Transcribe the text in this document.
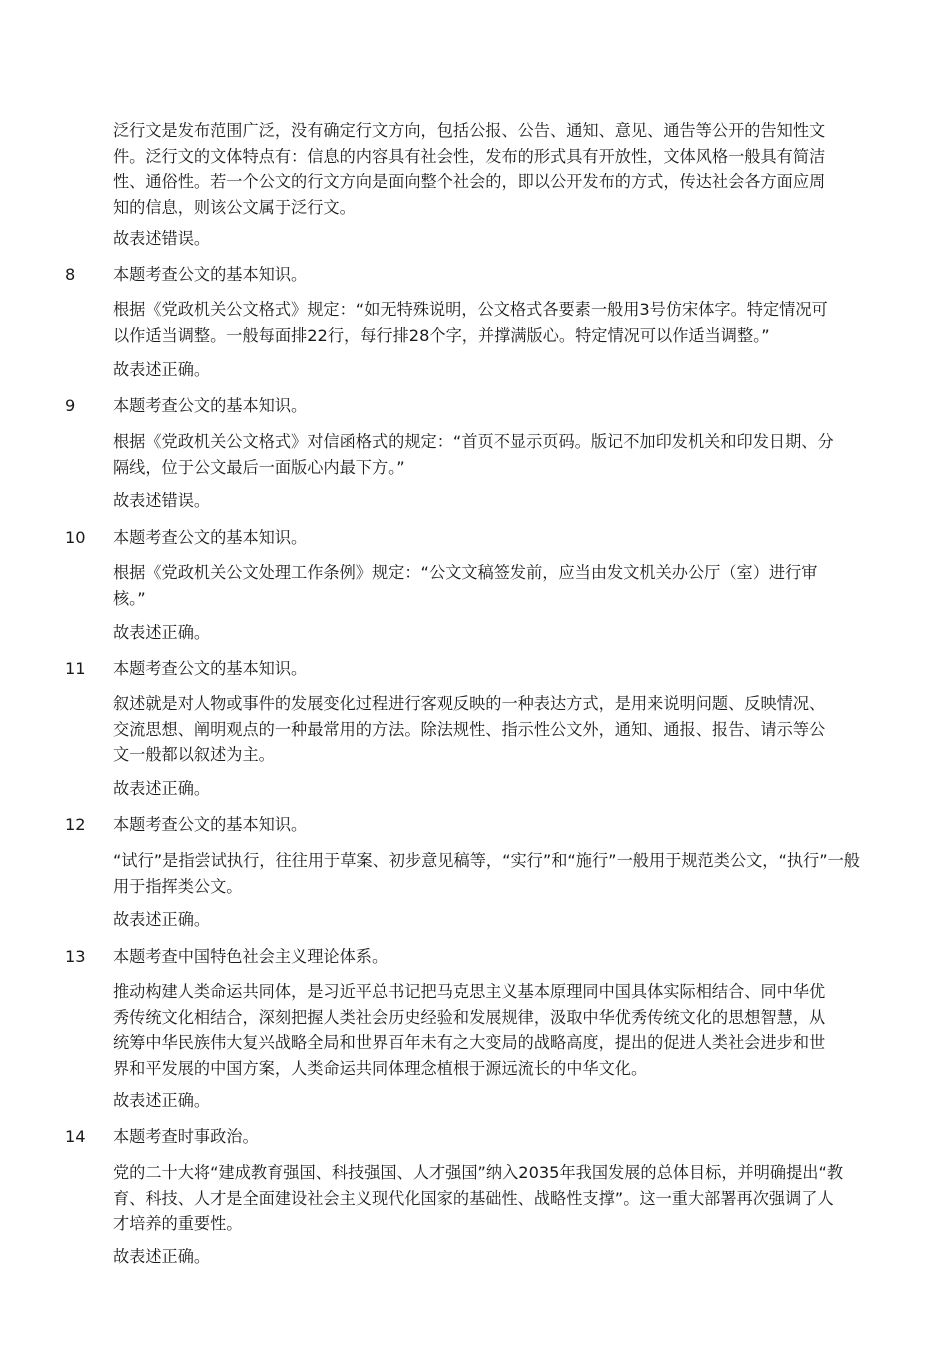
泛行文是发布范围广泛，没有确定行文方向，包括公报、公告、通知、意见、通告等公开的告知性文
件。泛行文的文体特点有：信息的内容具有社会性，发布的形式具有开放性，文体风格一般具有简洁
性、通俗性。若一个公文的行文方向是面向整个社会的，即以公开发布的方式，传达社会各方面应周
知的信息，则该公文属于泛行文。
故表述错误。
8 本题考查公文的基本知识。
根据《党政机关公文格式》规定：“如无特殊说明，公文格式各要素一般用3号仿宋体字。特定情况可
以作适当调整。一般每面排22行，每行排28个字，并撑满版心。特定情况可以作适当调整。”
故表述正确。
9 本题考查公文的基本知识。
根据《党政机关公文格式》对信函格式的规定：“首页不显示页码。版记不加印发机关和印发日期、分
隔线，位于公文最后一面版心内最下方。”
故表述错误。
10 本题考查公文的基本知识。
根据《党政机关公文处理工作条例》规定：“公文文稿签发前，应当由发文机关办公厅（室）进行审
核。”
故表述正确。
11 本题考查公文的基本知识。
叙述就是对人物或事件的发展变化过程进行客观反映的一种表达方式，是用来说明问题、反映情况、
交流思想、阐明观点的一种最常用的方法。除法规性、指示性公文外，通知、通报、报告、请示等公
文一般都以叙述为主。
故表述正确。
12 本题考查公文的基本知识。
“试行”是指尝试执行，往往用于草案、初步意见稿等，“实行”和“施行”一般用于规范类公文，“执行”一般
用于指挥类公文。
故表述正确。
13 本题考查中国特色社会主义理论体系。
推动构建人类命运共同体，是习近平总书记把马克思主义基本原理同中国具体实际相结合、同中华优
秀传统文化相结合，深刻把握人类社会历史经验和发展规律，汲取中华优秀传统文化的思想智慧，从
统筹中华民族伟大复兴战略全局和世界百年未有之大变局的战略高度，提出的促进人类社会进步和世
界和平发展的中国方案，人类命运共同体理念植根于源远流长的中华文化。
故表述正确。
14 本题考查时事政治。
党的二十大将“建成教育强国、科技强国、人才强国”纳入2035年我国发展的总体目标，并明确提出“教
育、科技、人才是全面建设社会主义现代化国家的基础性、战略性支撑”。这一重大部署再次强调了人
才培养的重要性。
故表述正确。
